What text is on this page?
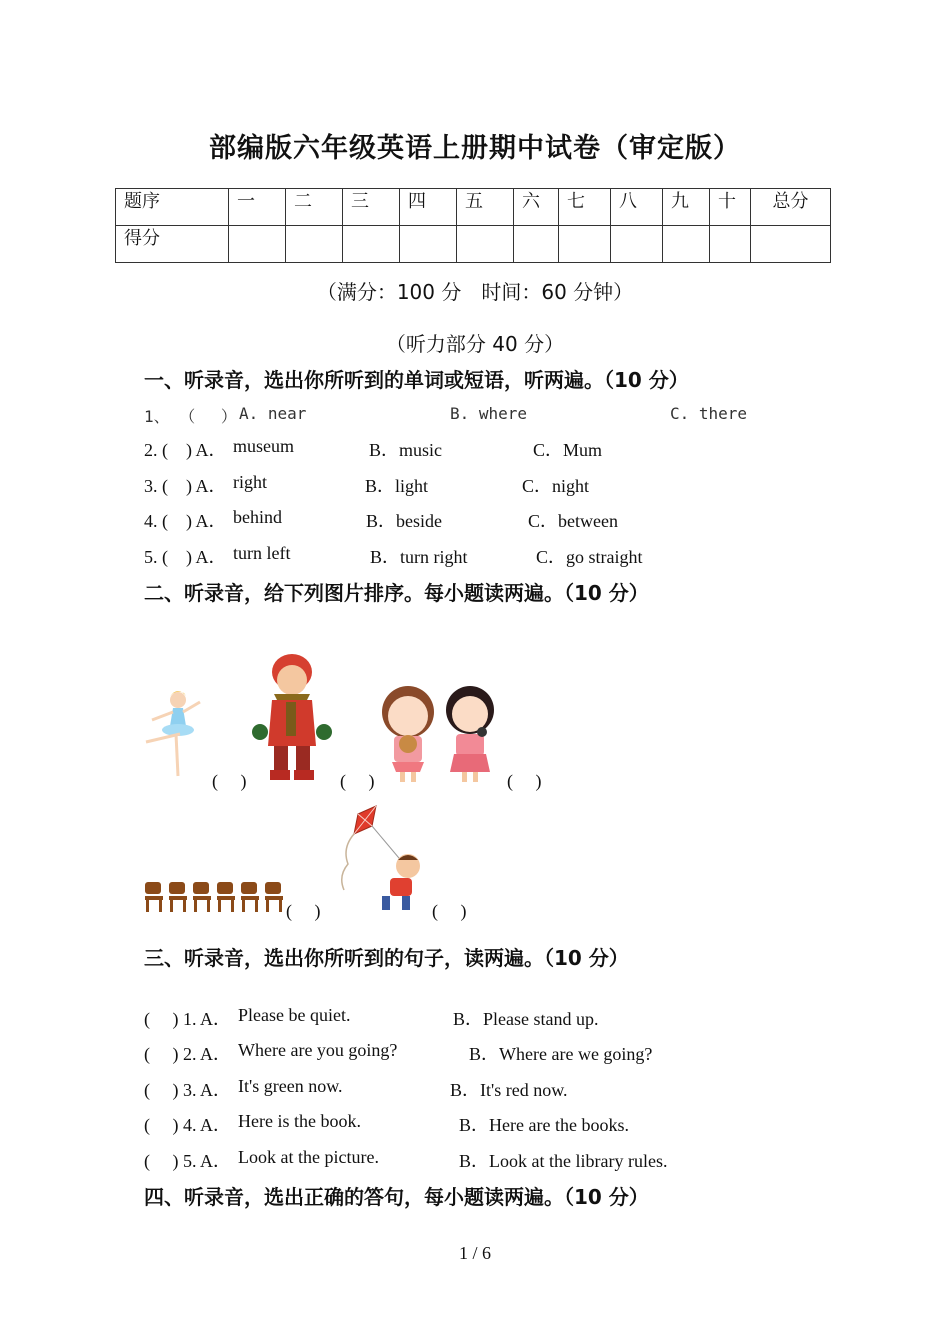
部编版六年级英语上册期中试卷（审定版）
题序	一	二	三	四	五	六	七	八	九	十	总分
得分											
（满分：100 分　时间：60 分钟）
（听力部分 40 分）
一、听录音，选出你所听到的单词或短语，听两遍。（10 分）
1、 （　 ） A. near	B. where	C. there
2. (　) A． museum	B．music	C．Mum
3. (　) A． right	B．light	C．night
4. (　) A． behind	B．beside	C．between
5. (　) A． turn left	B．turn right	C．go straight
二、听录音，给下列图片排序。每小题读两遍。（10 分）
(　 )	(　 )	(　 )
(　 )	(　 )
三、听录音，选出你所听到的句子，读两遍。（10 分）
(　 ) 1. A． Please be quiet.	B．Please stand up.
(　 ) 2. A． Where are you going?	B．Where are we going?
(　 ) 3. A． It's green now.	B．It's red now.
(　 ) 4. A． Here is the book.	B．Here are the books.
(　 ) 5. A． Look at the picture.	B．Look at the library rules.
四、听录音，选出正确的答句，每小题读两遍。（10 分）
1 / 6
